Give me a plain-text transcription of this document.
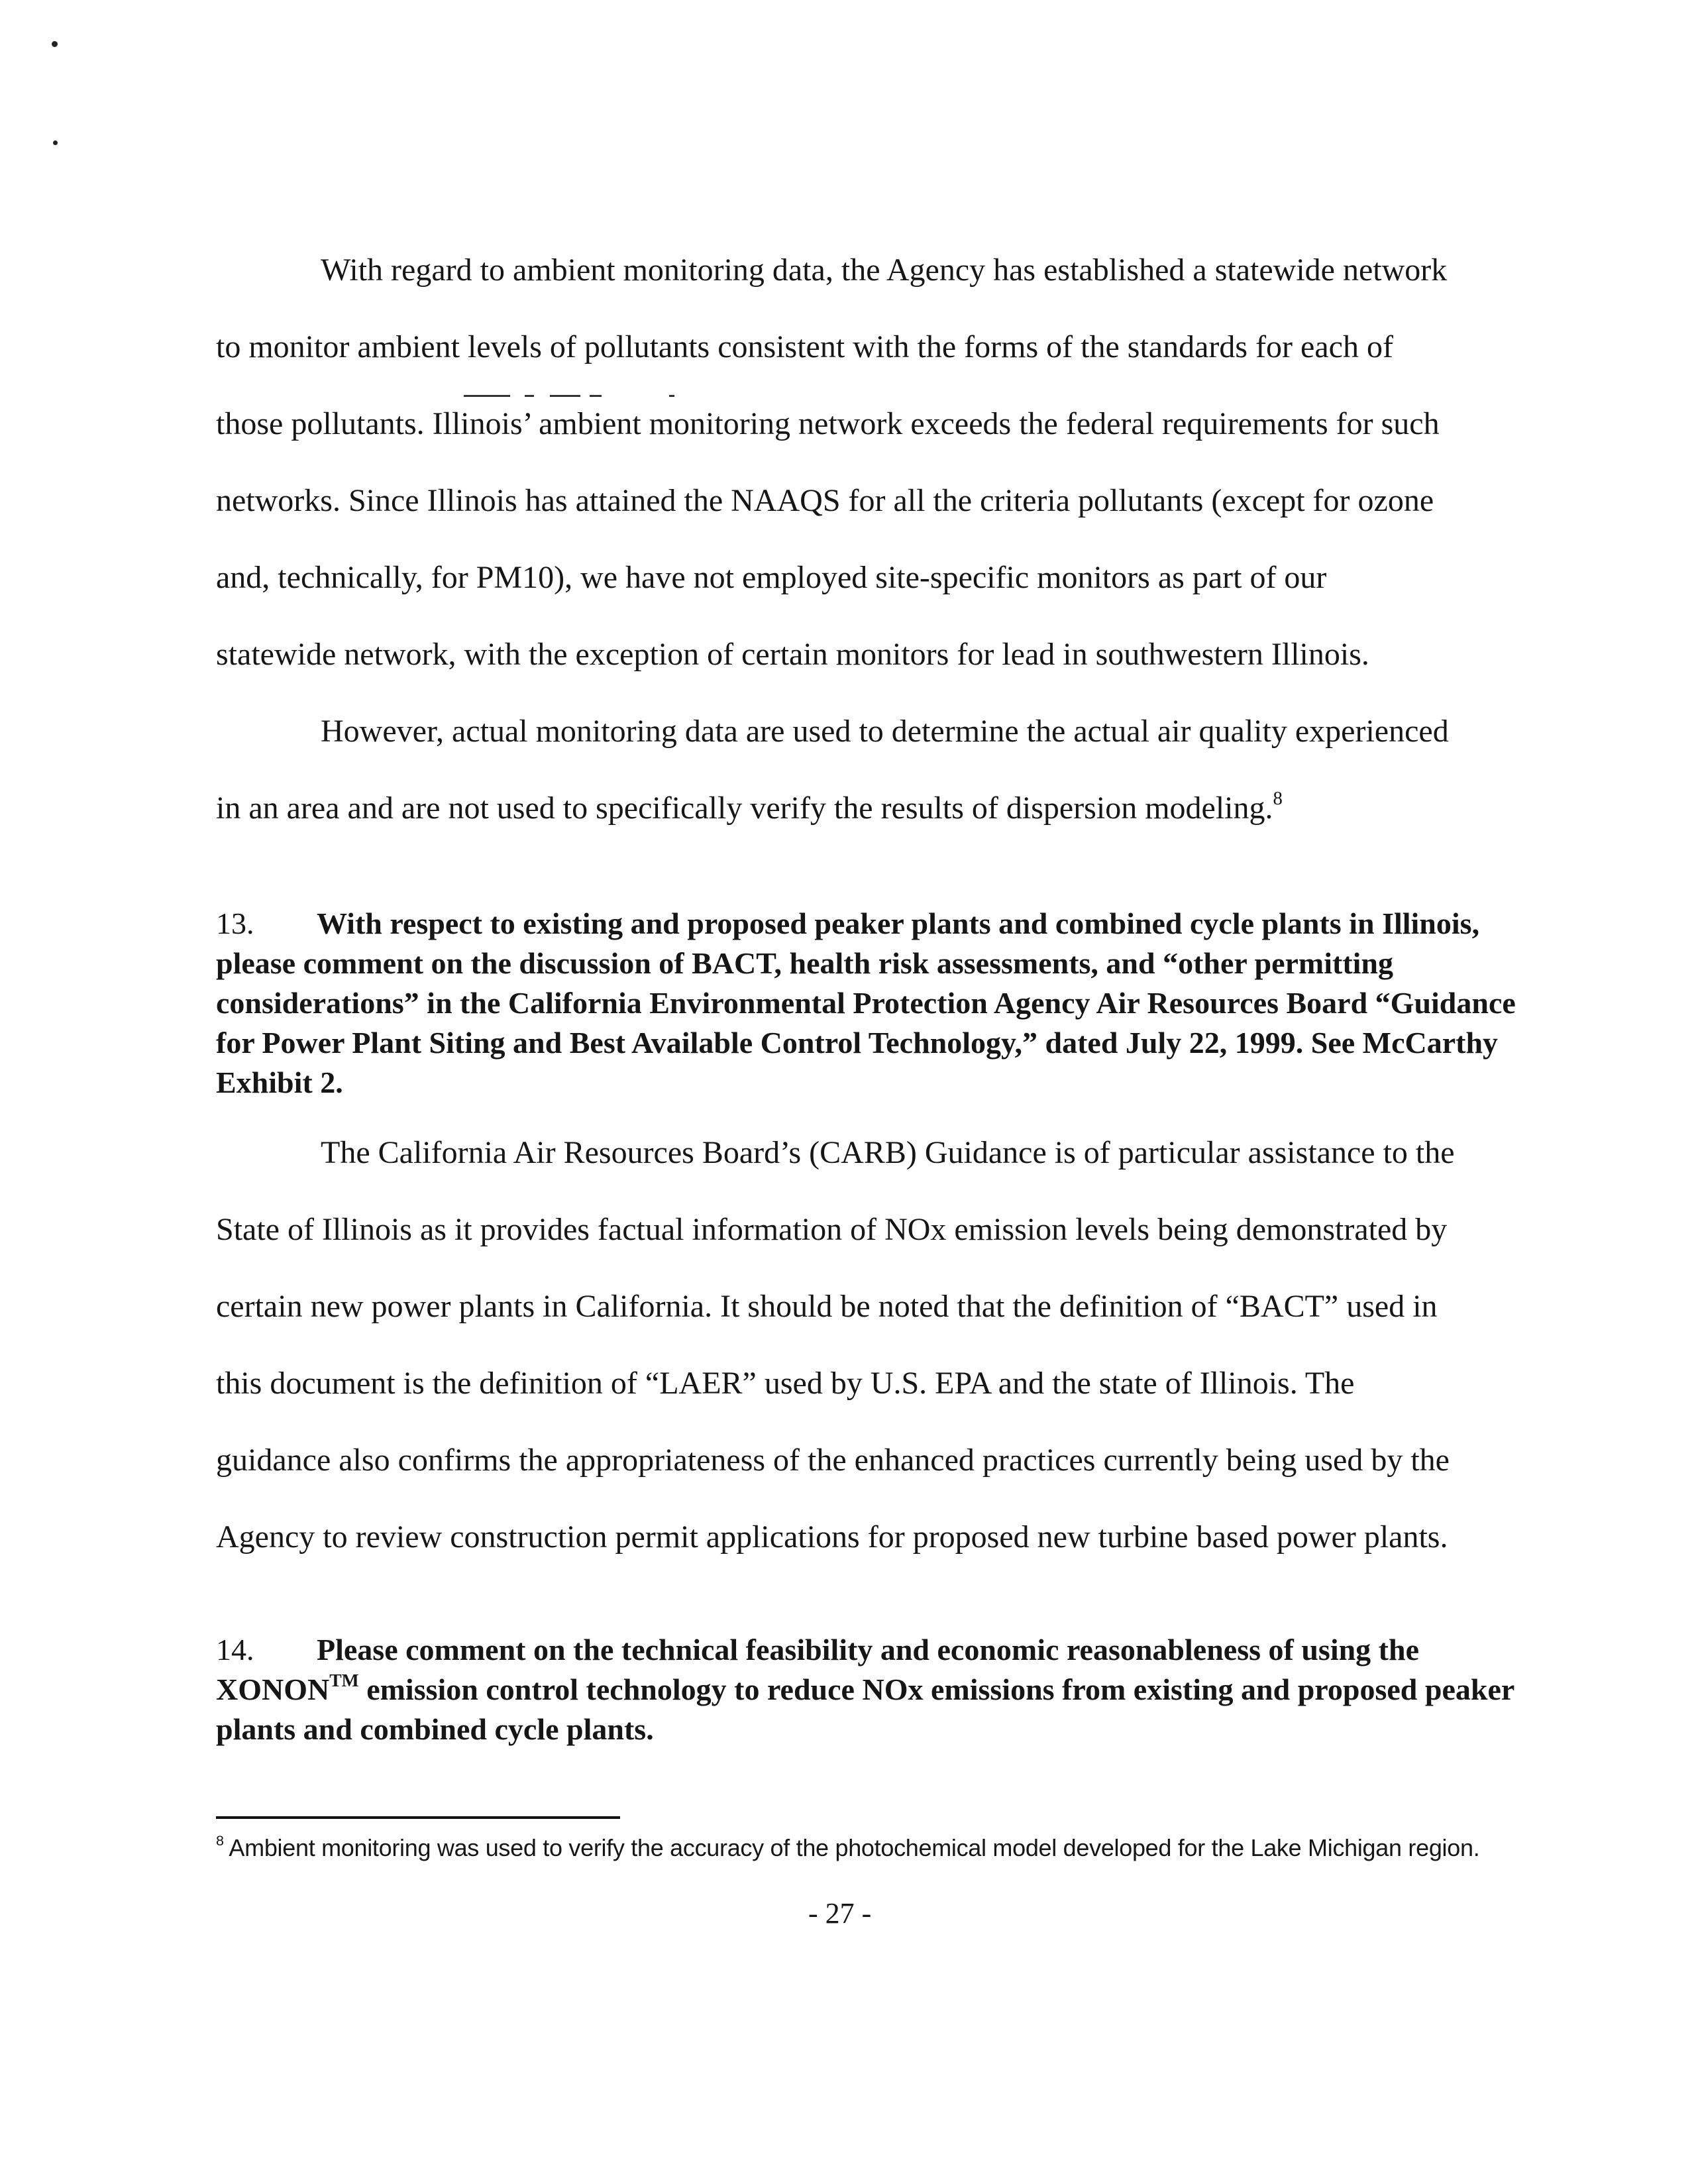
With regard to ambient monitoring data, the Agency has established a statewide network
to monitor ambient levels of pollutants consistent with the forms of the standards for each of
those pollutants. Illinois’ ambient monitoring network exceeds the federal requirements for such
networks. Since Illinois has attained the NAAQS for all the criteria pollutants (except for ozone
and, technically, for PM10), we have not employed site-specific monitors as part of our
statewide network, with the exception of certain monitors for lead in southwestern Illinois.
However, actual monitoring data are used to determine the actual air quality experienced
in an area and are not used to specifically verify the results of dispersion modeling.$^8$
13. With respect to existing and proposed peaker plants and combined cycle plants in Illinois, please comment on the discussion of BACT, health risk assessments, and “other permitting considerations” in the California Environmental Protection Agency Air Resources Board “Guidance for Power Plant Siting and Best Available Control Technology,” dated July 22, 1999. See McCarthy Exhibit 2.
The California Air Resources Board’s (CARB) Guidance is of particular assistance to the
State of Illinois as it provides factual information of NOx emission levels being demonstrated by
certain new power plants in California. It should be noted that the definition of “BACT” used in
this document is the definition of “LAER” used by U.S. EPA and the state of Illinois. The
guidance also confirms the appropriateness of the enhanced practices currently being used by the
Agency to review construction permit applications for proposed new turbine based power plants.
14. Please comment on the technical feasibility and economic reasonableness of using the XONON™ emission control technology to reduce NOx emissions from existing and proposed peaker plants and combined cycle plants.
$^8$ Ambient monitoring was used to verify the accuracy of the photochemical model developed for the Lake Michigan region.
- 27 -
